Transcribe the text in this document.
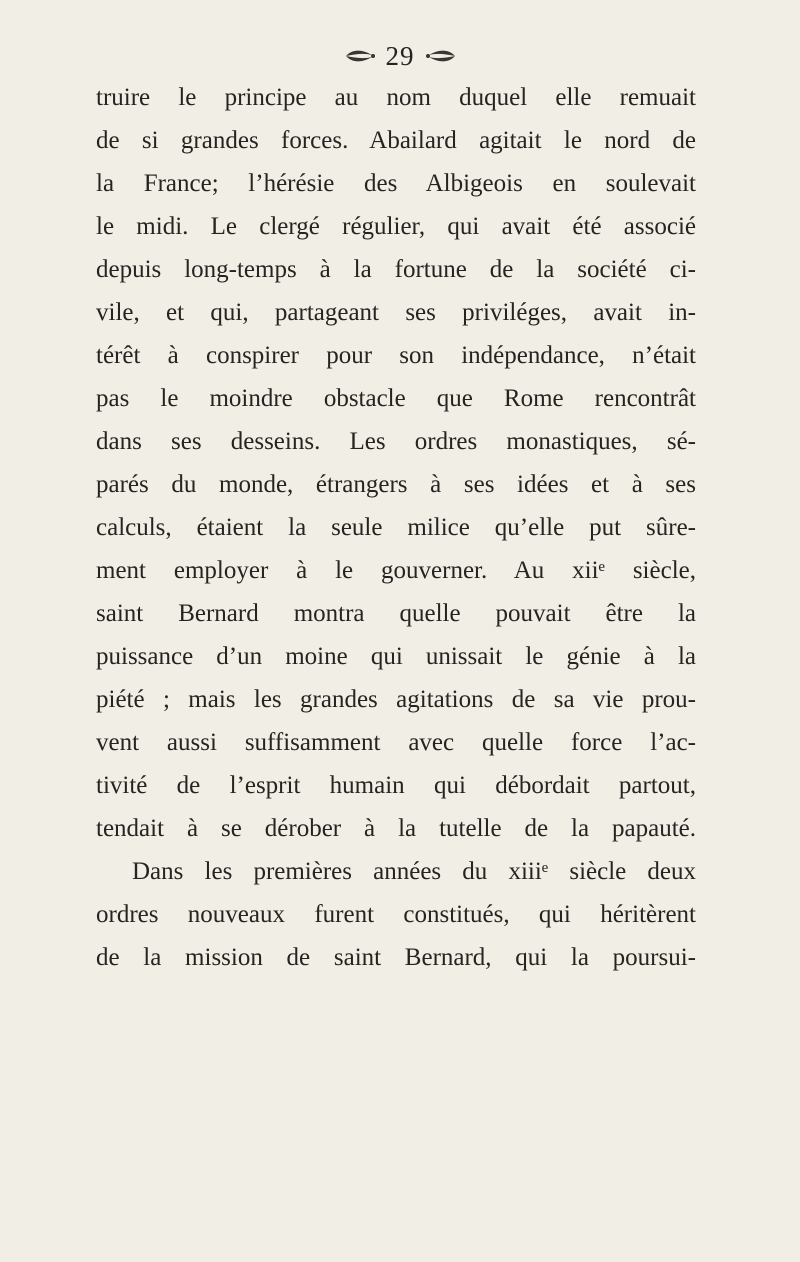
29
truire le principe au nom duquel elle remuait
de si grandes forces. Abailard agitait le nord de
la France; l’hérésie des Albigeois en soulevait
le midi. Le clergé régulier, qui avait été associé
depuis long-temps à la fortune de la société ci-
vile, et qui, partageant ses priviléges, avait in-
térêt à conspirer pour son indépendance, n’était
pas le moindre obstacle que Rome rencontrât
dans ses desseins. Les ordres monastiques, sé-
parés du monde, étrangers à ses idées et à ses
calculs, étaient la seule milice qu’elle put sûre-
ment employer à le gouverner. Au xiiᵉ siècle,
saint Bernard montra quelle pouvait être la
puissance d’un moine qui unissait le génie à la
piété ; mais les grandes agitations de sa vie prou-
vent aussi suffisamment avec quelle force l’ac-
tivité de l’esprit humain qui débordait partout,
tendait à se dérober à la tutelle de la papauté.
Dans les premières années du xiiiᵉ siècle deux
ordres nouveaux furent constitués, qui héritèrent
de la mission de saint Bernard, qui la poursui-
